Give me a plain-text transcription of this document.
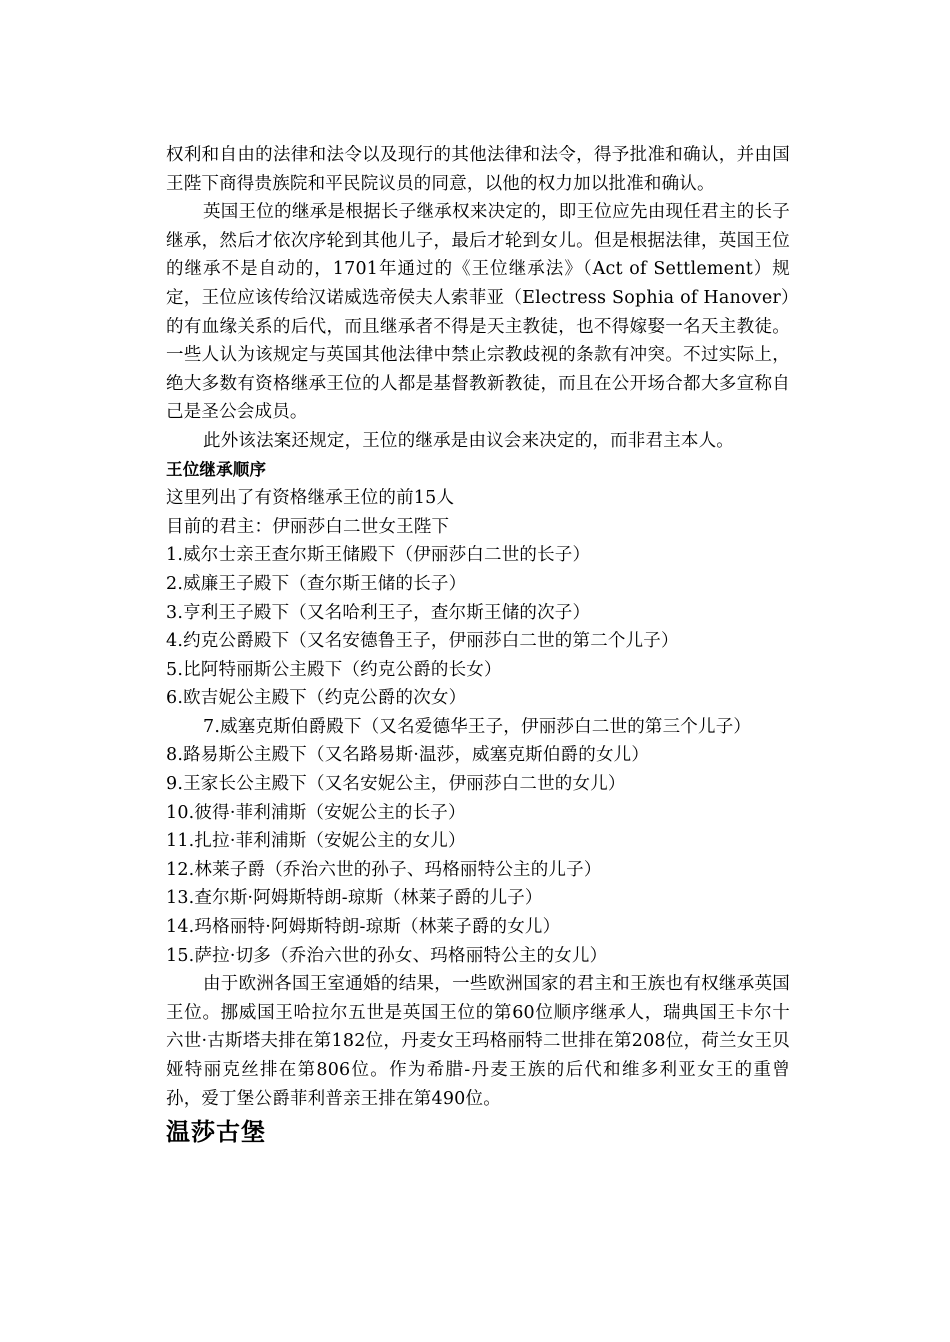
权利和自由的法律和法令以及现行的其他法律和法令，得予批准和确认，并由国王陛下商得贵族院和平民院议员的同意，以他的权力加以批准和确认。

英国王位的继承是根据长子继承权来决定的，即王位应先由现任君主的长子继承，然后才依次序轮到其他儿子，最后才轮到女儿。但是根据法律，英国王位的继承不是自动的，1701年通过的《王位继承法》（Act of Settlement）规定，王位应该传给汉诺威选帝侯夫人索菲亚（Electress Sophia of Hanover）的有血缘关系的后代，而且继承者不得是天主教徒，也不得嫁娶一名天主教徒。一些人认为该规定与英国其他法律中禁止宗教歧视的条款有冲突。不过实际上，绝大多数有资格继承王位的人都是基督教新教徒，而且在公开场合都大多宣称自己是圣公会成员。

此外该法案还规定，王位的继承是由议会来决定的，而非君主本人。

王位继承顺序

这里列出了有资格继承王位的前15人

目前的君主：伊丽莎白二世女王陛下

1.威尔士亲王查尔斯王储殿下（伊丽莎白二世的长子）

2.威廉王子殿下（查尔斯王储的长子）

3.亨利王子殿下（又名哈利王子，查尔斯王储的次子）

4.约克公爵殿下（又名安德鲁王子，伊丽莎白二世的第二个儿子）

5.比阿特丽斯公主殿下（约克公爵的长女）

6.欧吉妮公主殿下（约克公爵的次女）

7.威塞克斯伯爵殿下（又名爱德华王子，伊丽莎白二世的第三个儿子）

8.路易斯公主殿下（又名路易斯·温莎，威塞克斯伯爵的女儿）

9.王家长公主殿下（又名安妮公主，伊丽莎白二世的女儿）

10.彼得·菲利浦斯（安妮公主的长子）

11.扎拉·菲利浦斯（安妮公主的女儿）

12.林莱子爵（乔治六世的孙子、玛格丽特公主的儿子）

13.查尔斯·阿姆斯特朗-琼斯（林莱子爵的儿子）

14.玛格丽特·阿姆斯特朗-琼斯（林莱子爵的女儿）

15.萨拉·切多（乔治六世的孙女、玛格丽特公主的女儿）

由于欧洲各国王室通婚的结果，一些欧洲国家的君主和王族也有权继承英国王位。挪威国王哈拉尔五世是英国王位的第60位顺序继承人，瑞典国王卡尔十六世·古斯塔夫排在第182位，丹麦女王玛格丽特二世排在第208位，荷兰女王贝娅特丽克丝排在第806位。作为希腊-丹麦王族的后代和维多利亚女王的重曾孙，爱丁堡公爵菲利普亲王排在第490位。

温莎古堡
